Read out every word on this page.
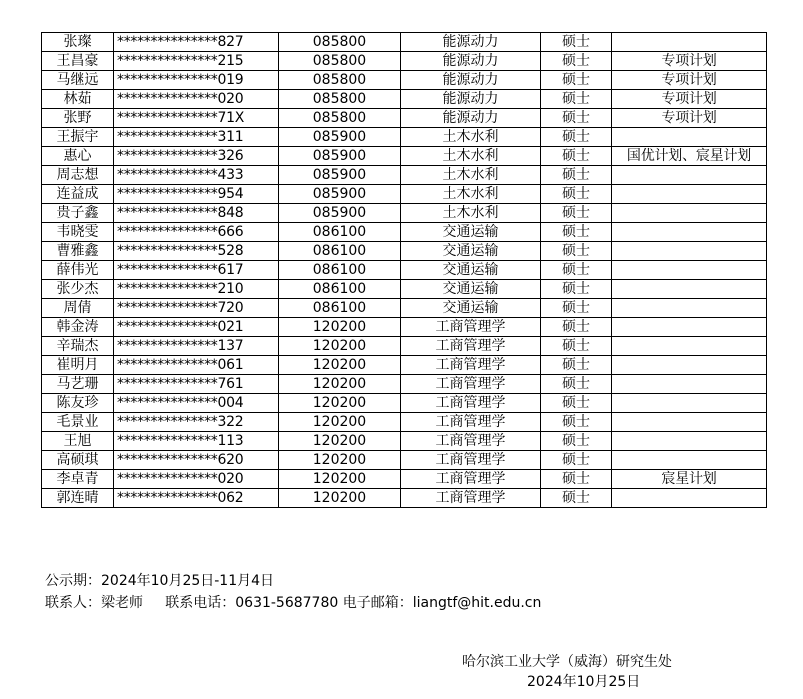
张璨	***************827	085800	能源动力	硕士	
王昌豪	***************215	085800	能源动力	硕士	专项计划
马继远	***************019	085800	能源动力	硕士	专项计划
林茹	***************020	085800	能源动力	硕士	专项计划
张野	***************71X	085800	能源动力	硕士	专项计划
王振宇	***************311	085900	土木水利	硕士	
惠心	***************326	085900	土木水利	硕士	国优计划、宸星计划
周志想	***************433	085900	土木水利	硕士	
连益成	***************954	085900	土木水利	硕士	
贵子鑫	***************848	085900	土木水利	硕士	
韦晓雯	***************666	086100	交通运输	硕士	
曹雅鑫	***************528	086100	交通运输	硕士	
薛伟光	***************617	086100	交通运输	硕士	
张少杰	***************210	086100	交通运输	硕士	
周倩	***************720	086100	交通运输	硕士	
韩金涛	***************021	120200	工商管理学	硕士	
辛瑞杰	***************137	120200	工商管理学	硕士	
崔明月	***************061	120200	工商管理学	硕士	
马艺珊	***************761	120200	工商管理学	硕士	
陈友珍	***************004	120200	工商管理学	硕士	
毛景业	***************322	120200	工商管理学	硕士	
王旭	***************113	120200	工商管理学	硕士	
高硕琪	***************620	120200	工商管理学	硕士	
李卓青	***************020	120200	工商管理学	硕士	宸星计划
郭连晴	***************062	120200	工商管理学	硕士	
公示期：2024年10月25日-11月4日
联系人：梁老师     联系电话：0631-5687780 电子邮箱：liangtf@hit.edu.cn
哈尔滨工业大学（威海）研究生处
2024年10月25日
